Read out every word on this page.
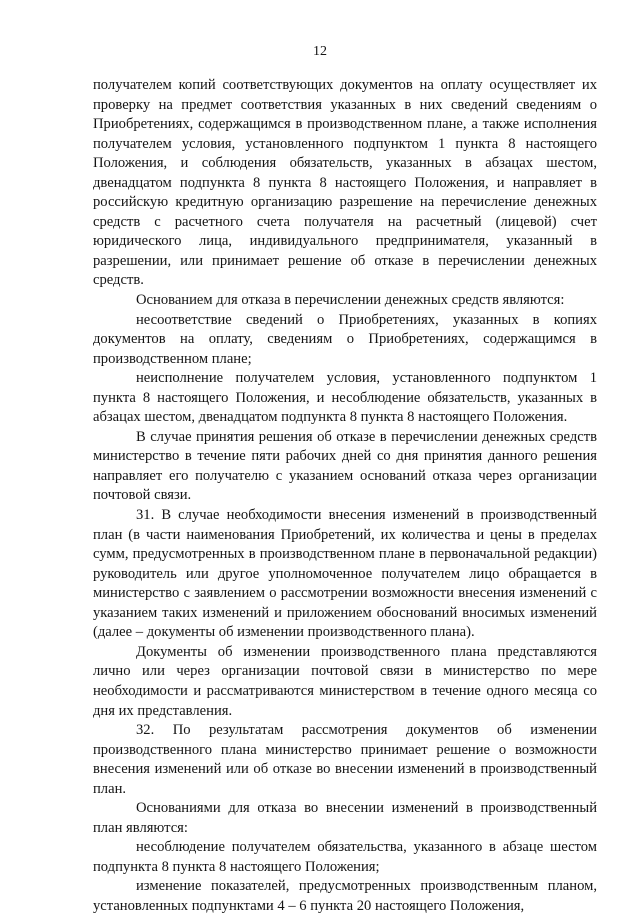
12

получателем копий соответствующих документов на оплату осуществляет их проверку на предмет соответствия указанных в них сведений сведениям о Приобретениях, содержащимся в производственном плане, а также исполнения получателем условия, установленного подпунктом 1 пункта 8 настоящего Положения, и соблюдения обязательств, указанных в абзацах шестом, двенадцатом подпункта 8 пункта 8 настоящего Положения, и направляет в российскую кредитную организацию разрешение на перечисление денежных средств с расчетного счета получателя на расчетный (лицевой) счет юридического лица, индивидуального предпринимателя, указанный в разрешении, или принимает решение об отказе в перечислении денежных средств.

Основанием для отказа в перечислении денежных средств являются:

несоответствие сведений о Приобретениях, указанных в копиях документов на оплату, сведениям о Приобретениях, содержащимся в производственном плане;

неисполнение получателем условия, установленного подпунктом 1 пункта 8 настоящего Положения, и несоблюдение обязательств, указанных в абзацах шестом, двенадцатом подпункта 8 пункта 8 настоящего Положения.

В случае принятия решения об отказе в перечислении денежных средств министерство в течение пяти рабочих дней со дня принятия данного решения направляет его получателю с указанием оснований отказа через организации почтовой связи.

31. В случае необходимости внесения изменений в производственный план (в части наименования Приобретений, их количества и цены в пределах сумм, предусмотренных в производственном плане в первоначальной редакции) руководитель или другое уполномоченное получателем лицо обращается в министерство с заявлением о рассмотрении возможности внесения изменений с указанием таких изменений и приложением обоснований вносимых изменений (далее – документы об изменении производственного плана).

Документы об изменении производственного плана представляются лично или через организации почтовой связи в министерство по мере необходимости и рассматриваются министерством в течение одного месяца со дня их представления.

32. По результатам рассмотрения документов об изменении производственного плана министерство принимает решение о возможности внесения изменений или об отказе во внесении изменений в производственный план.

Основаниями для отказа во внесении изменений в производственный план являются:

несоблюдение получателем обязательства, указанного в абзаце шестом подпункта 8 пункта 8 настоящего Положения;

изменение показателей, предусмотренных производственным планом, установленных подпунктами 4 – 6 пункта 20 настоящего Положения,
